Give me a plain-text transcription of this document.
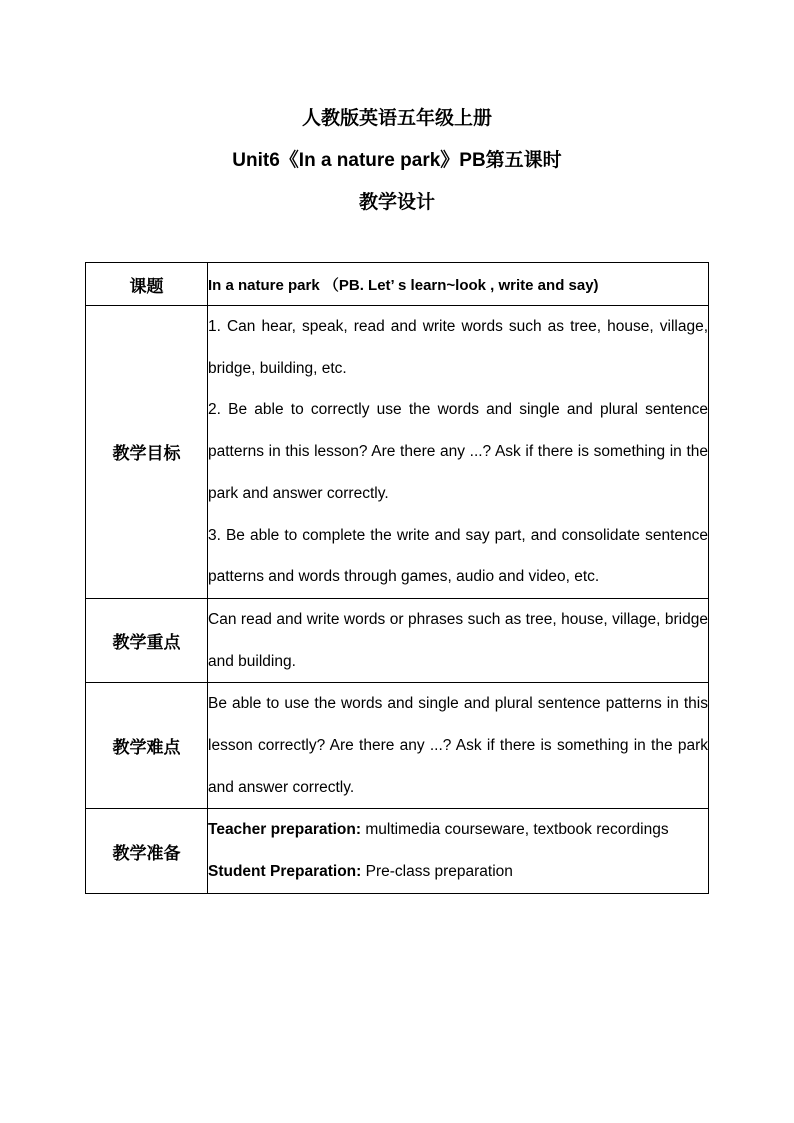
人教版英语五年级上册
Unit6《In a nature park》PB第五课时
教学设计
课题	In a nature park （PB. Let’ s learn~look , write and say)
教学目标	1. Can hear, speak, read and write words such as tree, house, village, bridge, building, etc.
2. Be able to correctly use the words and single and plural sentence patterns in this lesson? Are there any ...? Ask if there is something in the park and answer correctly.
3. Be able to complete the write and say part, and consolidate sentence patterns and words through games, audio and video, etc.

教学重点	Can read and write words or phrases such as tree, house, village, bridge and building.

教学难点	Be able to use the words and single and plural sentence patterns in this lesson correctly? Are there any ...? Ask if there is something in the park and answer correctly.

教学准备	Teacher preparation: multimedia courseware, textbook recordings
Student Preparation: Pre-class preparation
